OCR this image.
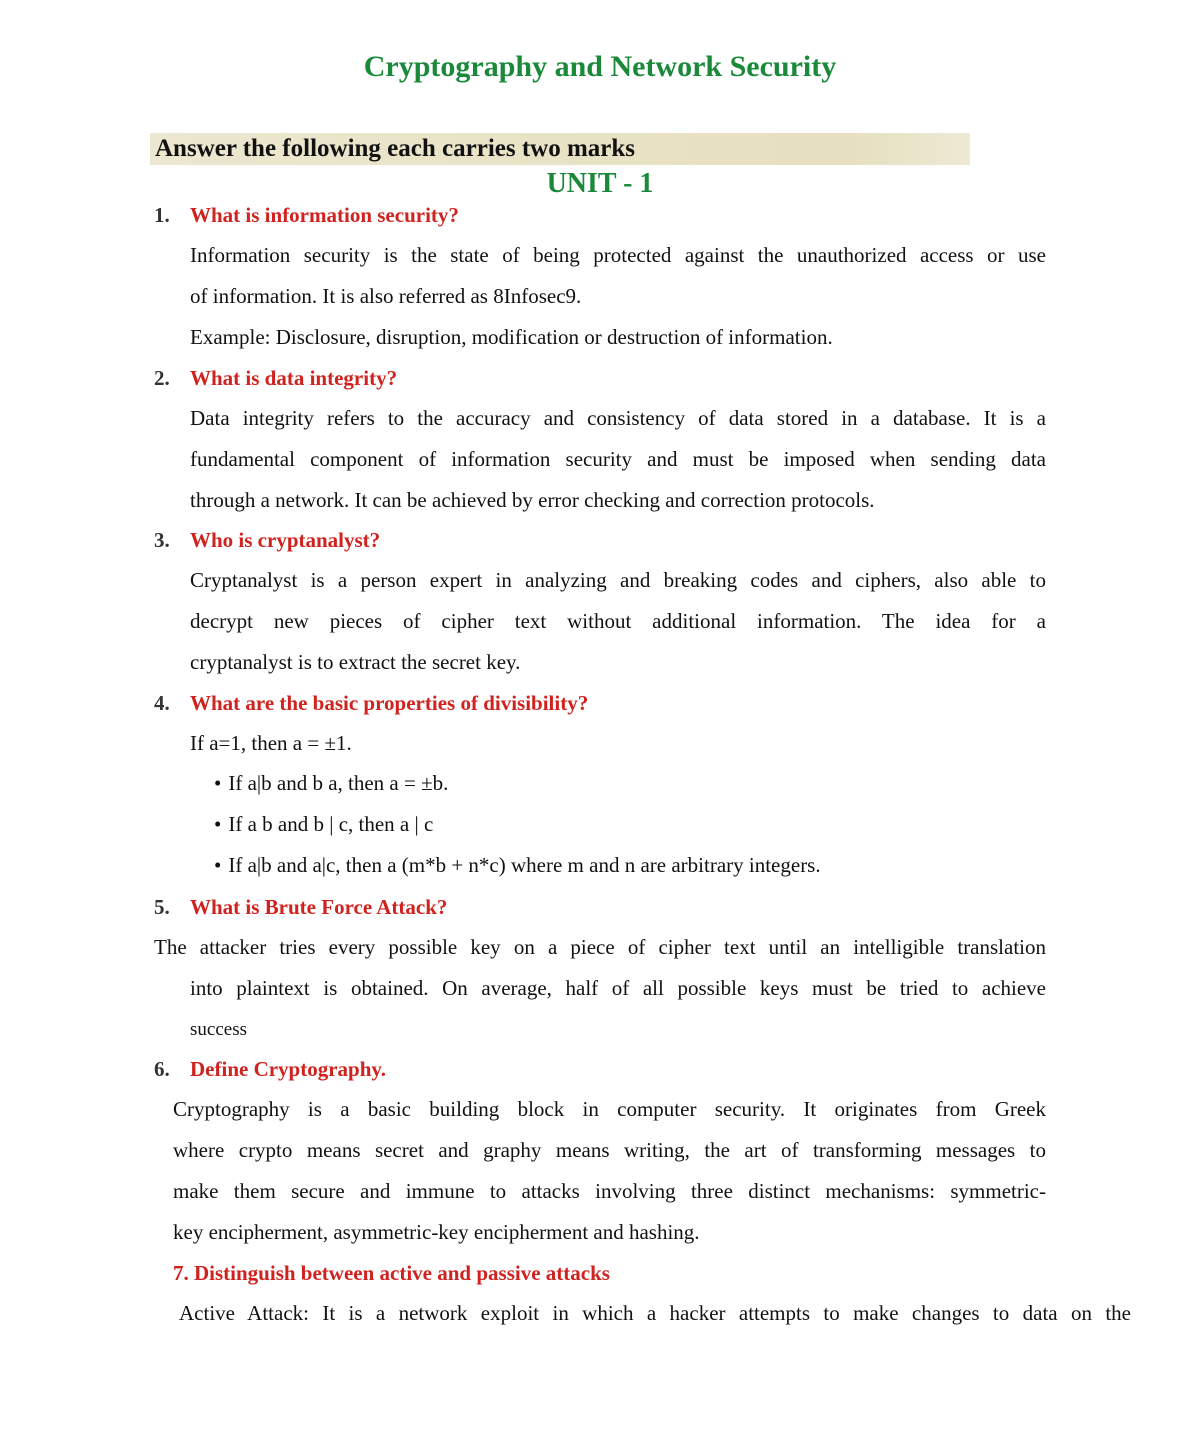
Cryptography and Network Security
Answer the following each carries two marks
UNIT - 1
1. What is information security?
Information security is the state of being protected against the unauthorized access or use
of information. It is also referred as 8Infosec9.
Example: Disclosure, disruption, modification or destruction of information.
2. What is data integrity?
Data integrity refers to the accuracy and consistency of data stored in a database. It is a
fundamental component of information security and must be imposed when sending data
through a network. It can be achieved by error checking and correction protocols.
3. Who is cryptanalyst?
Cryptanalyst is a person expert in analyzing and breaking codes and ciphers, also able to
decrypt new pieces of cipher text without additional information. The idea for a
cryptanalyst is to extract the secret key.
4. What are the basic properties of divisibility?
If a=1, then a = ±1.
• If a|b and b a, then a = ±b.
• If a b and b | c, then a | c
• If a|b and a|c, then a (m*b + n*c) where m and n are arbitrary integers.
5. What is Brute Force Attack?
The attacker tries every possible key on a piece of cipher text until an intelligible translation
into plaintext is obtained. On average, half of all possible keys must be tried to achieve
success
6. Define Cryptography.
Cryptography is a basic building block in computer security. It originates from Greek
where crypto means secret and graphy means writing, the art of transforming messages to
make them secure and immune to attacks involving three distinct mechanisms: symmetric-
key encipherment, asymmetric-key encipherment and hashing.
7. Distinguish between active and passive attacks
Active Attack: It is a network exploit in which a hacker attempts to make changes to data on the
